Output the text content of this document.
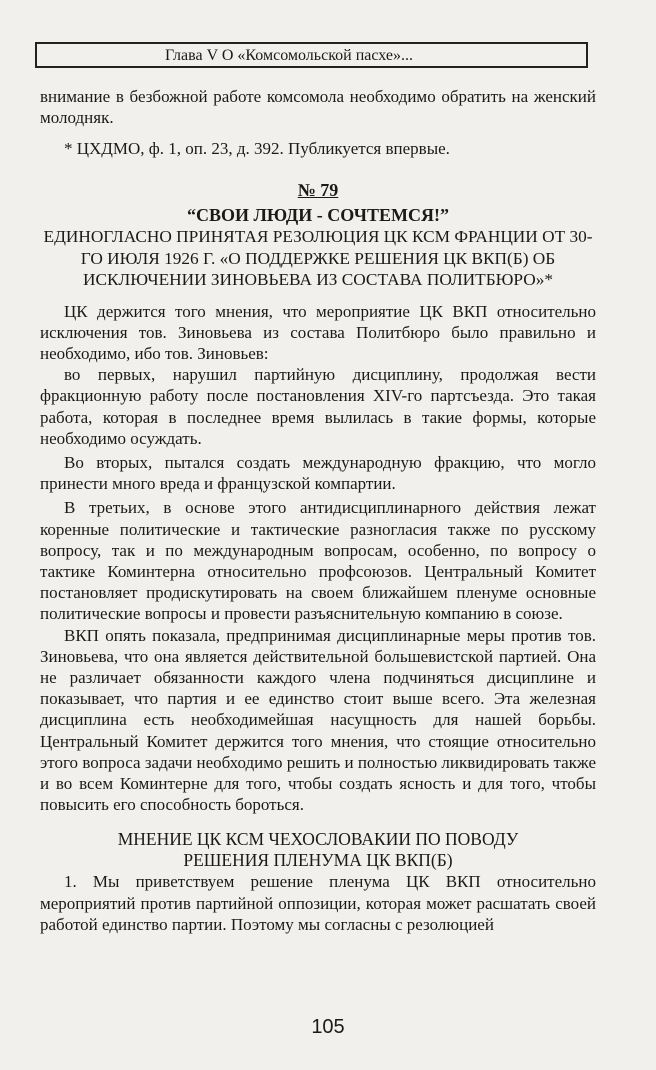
Глава V О «Комсомольской пасхе»...

внимание в безбожной работе комсомола необходимо обратить на женский молодняк.

* ЦХДМО, ф. 1, оп. 23, д. 392. Публикуется впервые.

№ 79

“СВОИ ЛЮДИ - СОЧТЕМСЯ!”

ЕДИНОГЛАСНО ПРИНЯТАЯ РЕЗОЛЮЦИЯ ЦК КСМ ФРАНЦИИ ОТ 30-ГО ИЮЛЯ 1926 Г. «О ПОДДЕРЖКЕ РЕШЕНИЯ ЦК ВКП(Б) ОБ ИСКЛЮЧЕНИИ ЗИНОВЬЕВА ИЗ СОСТАВА ПОЛИТБЮРО»*

ЦК держится того мнения, что мероприятие ЦК ВКП относительно исключения тов. Зиновьева из состава Политбюро было правильно и необходимо, ибо тов. Зиновьев:

во первых, нарушил партийную дисциплину, продолжая вести фракционную работу после постановления XIV-го партсъезда. Это такая работа, которая в последнее время вылилась в такие формы, которые необходимо осуждать.

Во вторых, пытался создать международную фракцию, что могло принести много вреда и французской компартии.

В третьих, в основе этого антидисциплинарного действия лежат коренные политические и тактические разногласия также по русскому вопросу, так и по международным вопросам, особенно, по вопросу о тактике Коминтерна относительно профсоюзов. Центральный Комитет постановляет продискутировать на своем ближайшем пленуме основные политические вопросы и провести разъяснительную компанию в союзе.

ВКП опять показала, предпринимая дисциплинарные меры против тов. Зиновьева, что она является действительной большевистской партией. Она не различает обязанности каждого члена подчиняться дисциплине и показывает, что партия и ее единство стоит выше всего. Эта железная дисциплина есть необходимейшая насущность для нашей борьбы. Центральный Комитет держится того мнения, что стоящие относительно этого вопроса задачи необходимо решить и полностью ликвидировать также и во всем Коминтерне для того, чтобы создать ясность и для того, чтобы повысить его способность бороться.

МНЕНИЕ ЦК КСМ ЧЕХОСЛОВАКИИ ПО ПОВОДУ
РЕШЕНИЯ ПЛЕНУМА ЦК ВКП(Б)

1. Мы приветствуем решение пленума ЦК ВКП относительно мероприятий против партийной оппозиции, которая может расшатать своей работой единство партии. Поэтому мы согласны с резолюцией

105
